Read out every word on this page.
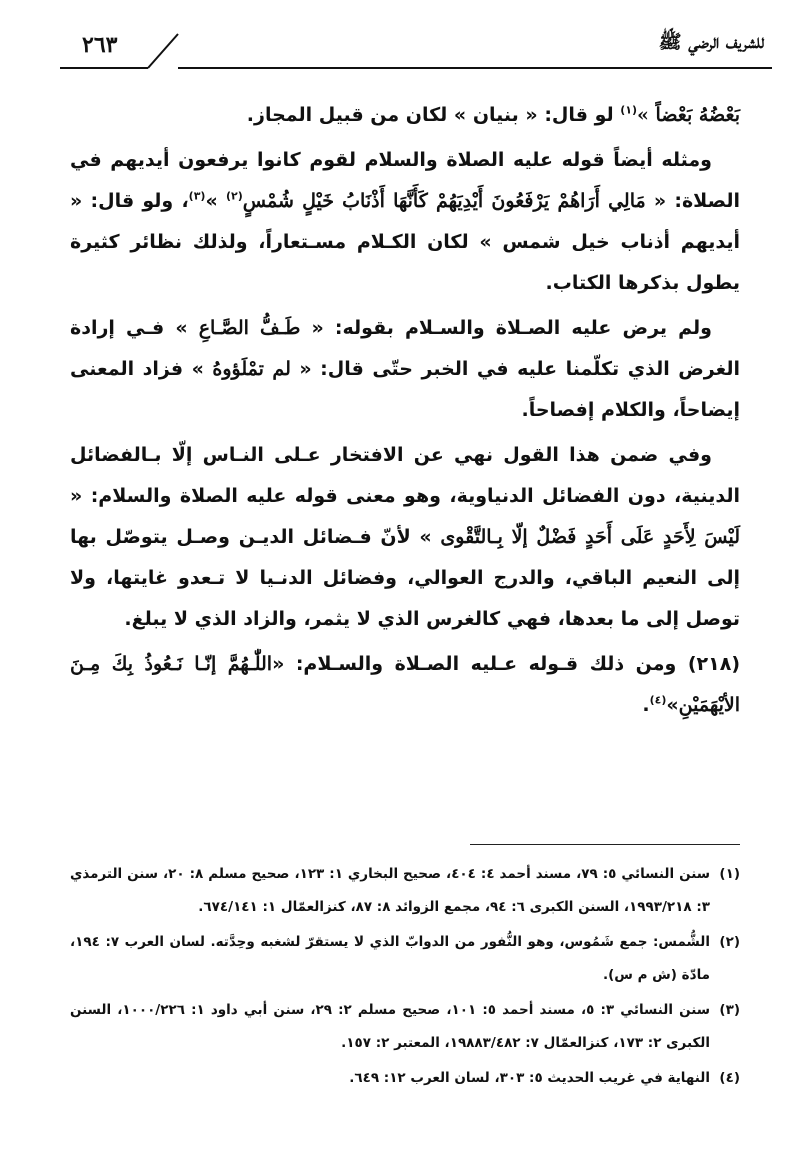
٢٦٣	للشريف الرضي ﷺ

بَعْضُهُ بَعْضاً »$^{(١)}$ لو قال: « بنيان » لكان من قبيل المجاز.

ومثله أيضاً قوله عليه الصلاة والسلام لقوم كانوا يرفعون أيديهم في الصلاة: « مَالِي أَرَاهُمْ يَرْفَعُونَ أَيْدِيَهُمْ كَأَنَّهَا أَذْنَابُ خَيْلٍ شُمْسٍ$^{(٢)}$ »$^{(٣)}$، ولو قال: « أيديهم أذناب خيل شمس » لكان الكـلام مسـتعاراً، ولذلك نظائر كثيرة يطول بذكرها الكتاب.

ولم يرض عليه الصـلاة والسـلام بقوله: « طَـفُّ الصَّـاعِ » فـي إرادة الغرض الذي تكلّمنا عليه في الخبر حتّى قال: « لم تمْلَؤوهُ » فزاد المعنى إيضاحاً، والكلام إفصاحاً.

وفي ضمن هذا القول نهي عن الافتخار عـلى النـاس إلّا بـالفضائل الدينية، دون الفضائل الدنياوية، وهو معنى قوله عليه الصلاة والسلام: « لَيْسَ لِأَحَدٍ عَلَى أَحَدٍ فَضْلٌ إلّا بِـالتَّقْوى » لأنّ فـضائل الديـن وصـل يتوصّل بها إلى النعيم الباقي، والدرج العوالي، وفضائل الدنـيا لا تـعدو غايتها، ولا توصل إلى ما بعدها، فهي كالغرس الذي لا يثمر، والزاد الذي لا يبلغ.

(٢١٨) ومن ذلك قـوله عـليه الصـلاة والسـلام: «اللّٰـهُمَّ إنّـا نَـعُوذُ بِكَ مِـنَ الأيْهَمَيْنِ»$^{(٤)}$.

(١)
سنن النسائي ٥: ٧٩، مسند أحمد ٤: ٤٠٤، صحيح البخاري ١: ١٢٣، صحيح مسلم ٨: ٢٠، سنن الترمذي ٣: ١٩٩٣/٢١٨، السنن الكبرى ٦: ٩٤، مجمع الزوائد ٨: ٨٧، كنزالعمّال ١: ٦٧٤/١٤١.

(٢)
الشُّمس: جمع شَمُوس، وهو النُّفور من الدوابّ الذي لا يستقرّ لشغبه وحِدَّته. لسان العرب ٧: ١٩٤، مادّة (ش م س).

(٣)
سنن النسائي ٣: ٥، مسند أحمد ٥: ١٠١، صحيح مسلم ٢: ٢٩، سنن أبي داود ١: ١٠٠٠/٢٢٦، السنن الكبرى ٢: ١٧٣، كنزالعمّال ٧: ١٩٨٨٣/٤٨٢، المعتبر ٢: ١٥٧.

(٤)
النهاية في غريب الحديث ٥: ٣٠٣، لسان العرب ١٢: ٦٤٩.
